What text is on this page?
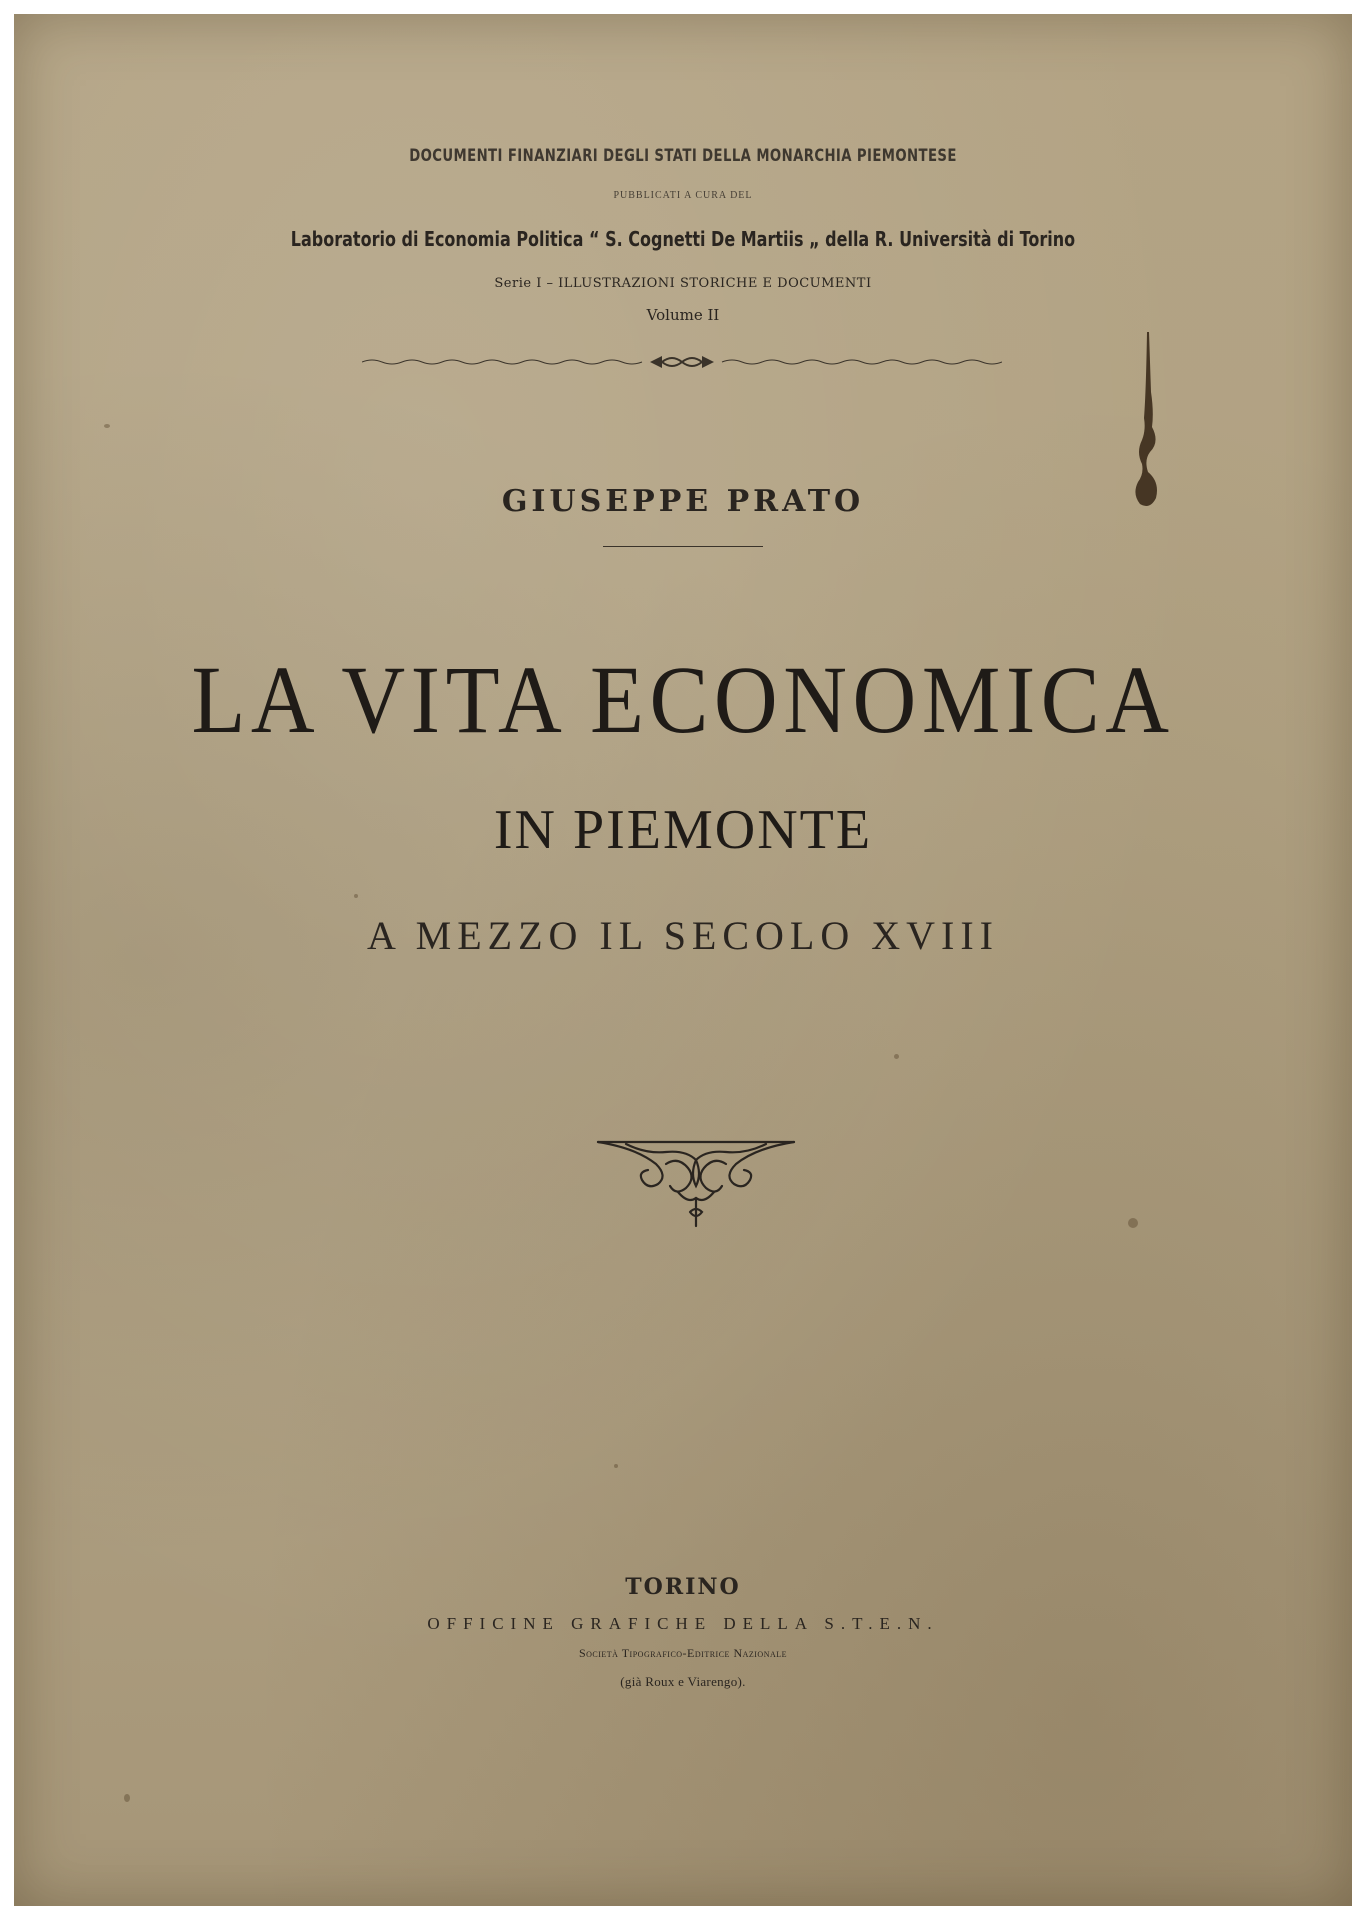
DOCUMENTI FINANZIARI DEGLI STATI DELLA MONARCHIA PIEMONTESE
PUBBLICATI A CURA DEL
Laboratorio di Economia Politica “ S. Cognetti De Martiis „ della R. Università di Torino
Serie I – ILLUSTRAZIONI STORICHE E DOCUMENTI
Volume II
GIUSEPPE PRATO
LA VITA ECONOMICA
IN PIEMONTE
A MEZZO IL SECOLO XVIII
TORINO
OFFICINE GRAFICHE DELLA S.T.E.N.
Società Tipografico-Editrice Nazionale
(già Roux e Viarengo).
